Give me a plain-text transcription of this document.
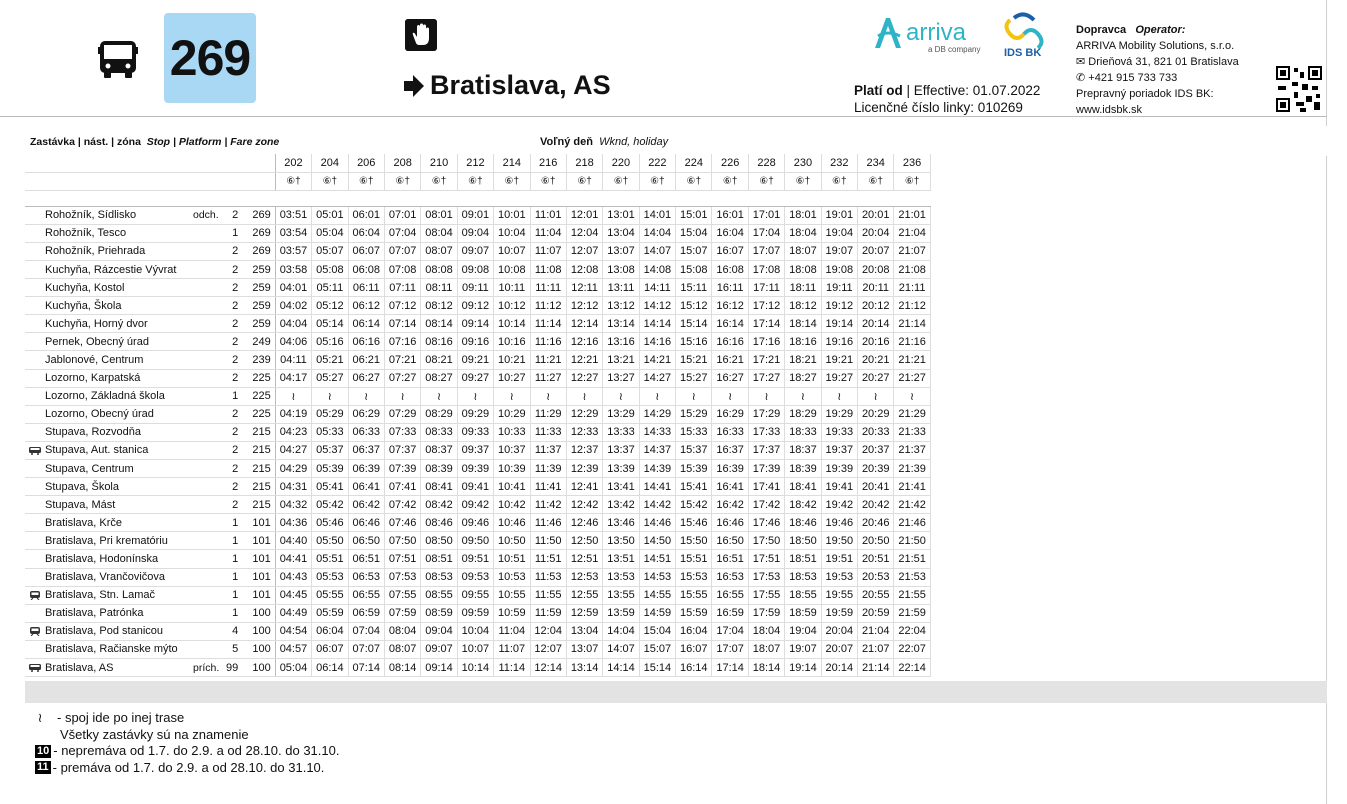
269	Bratislava, AS
arriva
a DB company IDS BK
Platí od | Effective: 01.07.2022
Licenčné číslo linky: 010269
Dopravca Operator:
ARRIVA Mobility Solutions, s.r.o.
✉ Drieňová 31, 821 01 Bratislava
✆ +421 915 733 733
Prepravný poriadok IDS BK:
www.idsbk.sk
Zastávka | nást. | zóna Stop | Platform | Fare zone	Voľný deň Wknd, holiday
				202	204	206	208	210	212	214	216	218	220	222	224	226	228	230	232	234	236
				⑥†	⑥†	⑥†	⑥†	⑥†	⑥†	⑥†	⑥†	⑥†	⑥†	⑥†	⑥†	⑥†	⑥†	⑥†	⑥†	⑥†	⑥†

Rohožník, Sídlisko	odch.	2	269	03:51	05:01	06:01	07:01	08:01	09:01	10:01	11:01	12:01	13:01	14:01	15:01	16:01	17:01	18:01	19:01	20:01	21:01
Rohožník, Tesco		1	269	03:54	05:04	06:04	07:04	08:04	09:04	10:04	11:04	12:04	13:04	14:04	15:04	16:04	17:04	18:04	19:04	20:04	21:04
Rohožník, Priehrada		2	269	03:57	05:07	06:07	07:07	08:07	09:07	10:07	11:07	12:07	13:07	14:07	15:07	16:07	17:07	18:07	19:07	20:07	21:07
Kuchyňa, Rázcestie Vývrat		2	259	03:58	05:08	06:08	07:08	08:08	09:08	10:08	11:08	12:08	13:08	14:08	15:08	16:08	17:08	18:08	19:08	20:08	21:08
Kuchyňa, Kostol		2	259	04:01	05:11	06:11	07:11	08:11	09:11	10:11	11:11	12:11	13:11	14:11	15:11	16:11	17:11	18:11	19:11	20:11	21:11
Kuchyňa, Škola		2	259	04:02	05:12	06:12	07:12	08:12	09:12	10:12	11:12	12:12	13:12	14:12	15:12	16:12	17:12	18:12	19:12	20:12	21:12
Kuchyňa, Horný dvor		2	259	04:04	05:14	06:14	07:14	08:14	09:14	10:14	11:14	12:14	13:14	14:14	15:14	16:14	17:14	18:14	19:14	20:14	21:14
Pernek, Obecný úrad		2	249	04:06	05:16	06:16	07:16	08:16	09:16	10:16	11:16	12:16	13:16	14:16	15:16	16:16	17:16	18:16	19:16	20:16	21:16
Jablonové, Centrum		2	239	04:11	05:21	06:21	07:21	08:21	09:21	10:21	11:21	12:21	13:21	14:21	15:21	16:21	17:21	18:21	19:21	20:21	21:21
Lozorno, Karpatská		2	225	04:17	05:27	06:27	07:27	08:27	09:27	10:27	11:27	12:27	13:27	14:27	15:27	16:27	17:27	18:27	19:27	20:27	21:27
Lozorno, Základná škola		1	225	≀	≀	≀	≀	≀	≀	≀	≀	≀	≀	≀	≀	≀	≀	≀	≀	≀	≀
Lozorno, Obecný úrad		2	225	04:19	05:29	06:29	07:29	08:29	09:29	10:29	11:29	12:29	13:29	14:29	15:29	16:29	17:29	18:29	19:29	20:29	21:29
Stupava, Rozvodňa		2	215	04:23	05:33	06:33	07:33	08:33	09:33	10:33	11:33	12:33	13:33	14:33	15:33	16:33	17:33	18:33	19:33	20:33	21:33

Stupava, Aut. stanica		2	215	04:27	05:37	06:37	07:37	08:37	09:37	10:37	11:37	12:37	13:37	14:37	15:37	16:37	17:37	18:37	19:37	20:37	21:37
Stupava, Centrum		2	215	04:29	05:39	06:39	07:39	08:39	09:39	10:39	11:39	12:39	13:39	14:39	15:39	16:39	17:39	18:39	19:39	20:39	21:39
Stupava, Škola		2	215	04:31	05:41	06:41	07:41	08:41	09:41	10:41	11:41	12:41	13:41	14:41	15:41	16:41	17:41	18:41	19:41	20:41	21:41
Stupava, Mást		2	215	04:32	05:42	06:42	07:42	08:42	09:42	10:42	11:42	12:42	13:42	14:42	15:42	16:42	17:42	18:42	19:42	20:42	21:42
Bratislava, Krče		1	101	04:36	05:46	06:46	07:46	08:46	09:46	10:46	11:46	12:46	13:46	14:46	15:46	16:46	17:46	18:46	19:46	20:46	21:46
Bratislava, Pri krematóriu		1	101	04:40	05:50	06:50	07:50	08:50	09:50	10:50	11:50	12:50	13:50	14:50	15:50	16:50	17:50	18:50	19:50	20:50	21:50
Bratislava, Hodonínska		1	101	04:41	05:51	06:51	07:51	08:51	09:51	10:51	11:51	12:51	13:51	14:51	15:51	16:51	17:51	18:51	19:51	20:51	21:51
Bratislava, Vrančovičova		1	101	04:43	05:53	06:53	07:53	08:53	09:53	10:53	11:53	12:53	13:53	14:53	15:53	16:53	17:53	18:53	19:53	20:53	21:53

Bratislava, Stn. Lamač		1	101	04:45	05:55	06:55	07:55	08:55	09:55	10:55	11:55	12:55	13:55	14:55	15:55	16:55	17:55	18:55	19:55	20:55	21:55
Bratislava, Patrónka		1	100	04:49	05:59	06:59	07:59	08:59	09:59	10:59	11:59	12:59	13:59	14:59	15:59	16:59	17:59	18:59	19:59	20:59	21:59

Bratislava, Pod stanicou		4	100	04:54	06:04	07:04	08:04	09:04	10:04	11:04	12:04	13:04	14:04	15:04	16:04	17:04	18:04	19:04	20:04	21:04	22:04
Bratislava, Račianske mýto		5	100	04:57	06:07	07:07	08:07	09:07	10:07	11:07	12:07	13:07	14:07	15:07	16:07	17:07	18:07	19:07	20:07	21:07	22:07

Bratislava, AS	prích.	99	100	05:04	06:14	07:14	08:14	09:14	10:14	11:14	12:14	13:14	14:14	15:14	16:14	17:14	18:14	19:14	20:14	21:14	22:14
≀ - spoj ide po inej trase
Všetky zastávky sú na znamenie
10 - nepremáva od 1.7. do 2.9. a od 28.10. do 31.10.
11 - premáva od 1.7. do 2.9. a od 28.10. do 31.10.
